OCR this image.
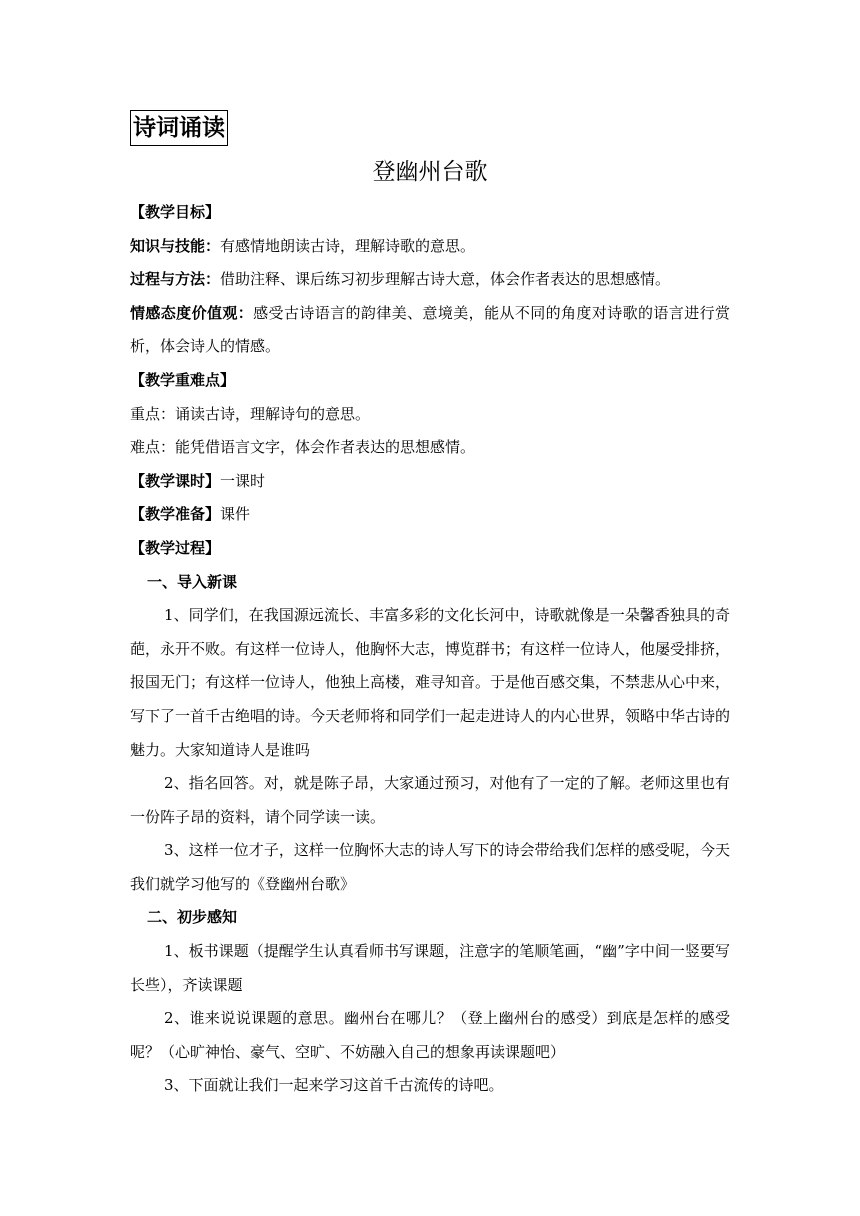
诗词诵读
登幽州台歌

【教学目标】

知识与技能：有感情地朗读古诗，理解诗歌的意思。

过程与方法：借助注释、课后练习初步理解古诗大意，体会作者表达的思想感情。

情感态度价值观：感受古诗语言的韵律美、意境美，能从不同的角度对诗歌的语言进行赏析，体会诗人的情感。

【教学重难点】

重点：诵读古诗，理解诗句的意思。

难点：能凭借语言文字，体会作者表达的思想感情。

【教学课时】一课时

【教学准备】课件

【教学过程】

一、导入新课

1、同学们，在我国源远流长、丰富多彩的文化长河中，诗歌就像是一朵馨香独具的奇葩，永开不败。有这样一位诗人，他胸怀大志，博览群书；有这样一位诗人，他屡受排挤，报国无门；有这样一位诗人，他独上高楼，难寻知音。于是他百感交集，不禁悲从心中来，写下了一首千古绝唱的诗。今天老师将和同学们一起走进诗人的内心世界，领略中华古诗的魅力。大家知道诗人是谁吗

2、指名回答。对，就是陈子昂，大家通过预习，对他有了一定的了解。老师这里也有一份阵子昂的资料，请个同学读一读。

3、这样一位才子，这样一位胸怀大志的诗人写下的诗会带给我们怎样的感受呢，今天我们就学习他写的《登幽州台歌》

二、初步感知

1、板书课题（提醒学生认真看师书写课题，注意字的笔顺笔画，“幽”字中间一竖要写长些），齐读课题

2、谁来说说课题的意思。幽州台在哪儿？（登上幽州台的感受）到底是怎样的感受呢？（心旷神怡、豪气、空旷、不妨融入自己的想象再读课题吧）

3、下面就让我们一起来学习这首千古流传的诗吧。
